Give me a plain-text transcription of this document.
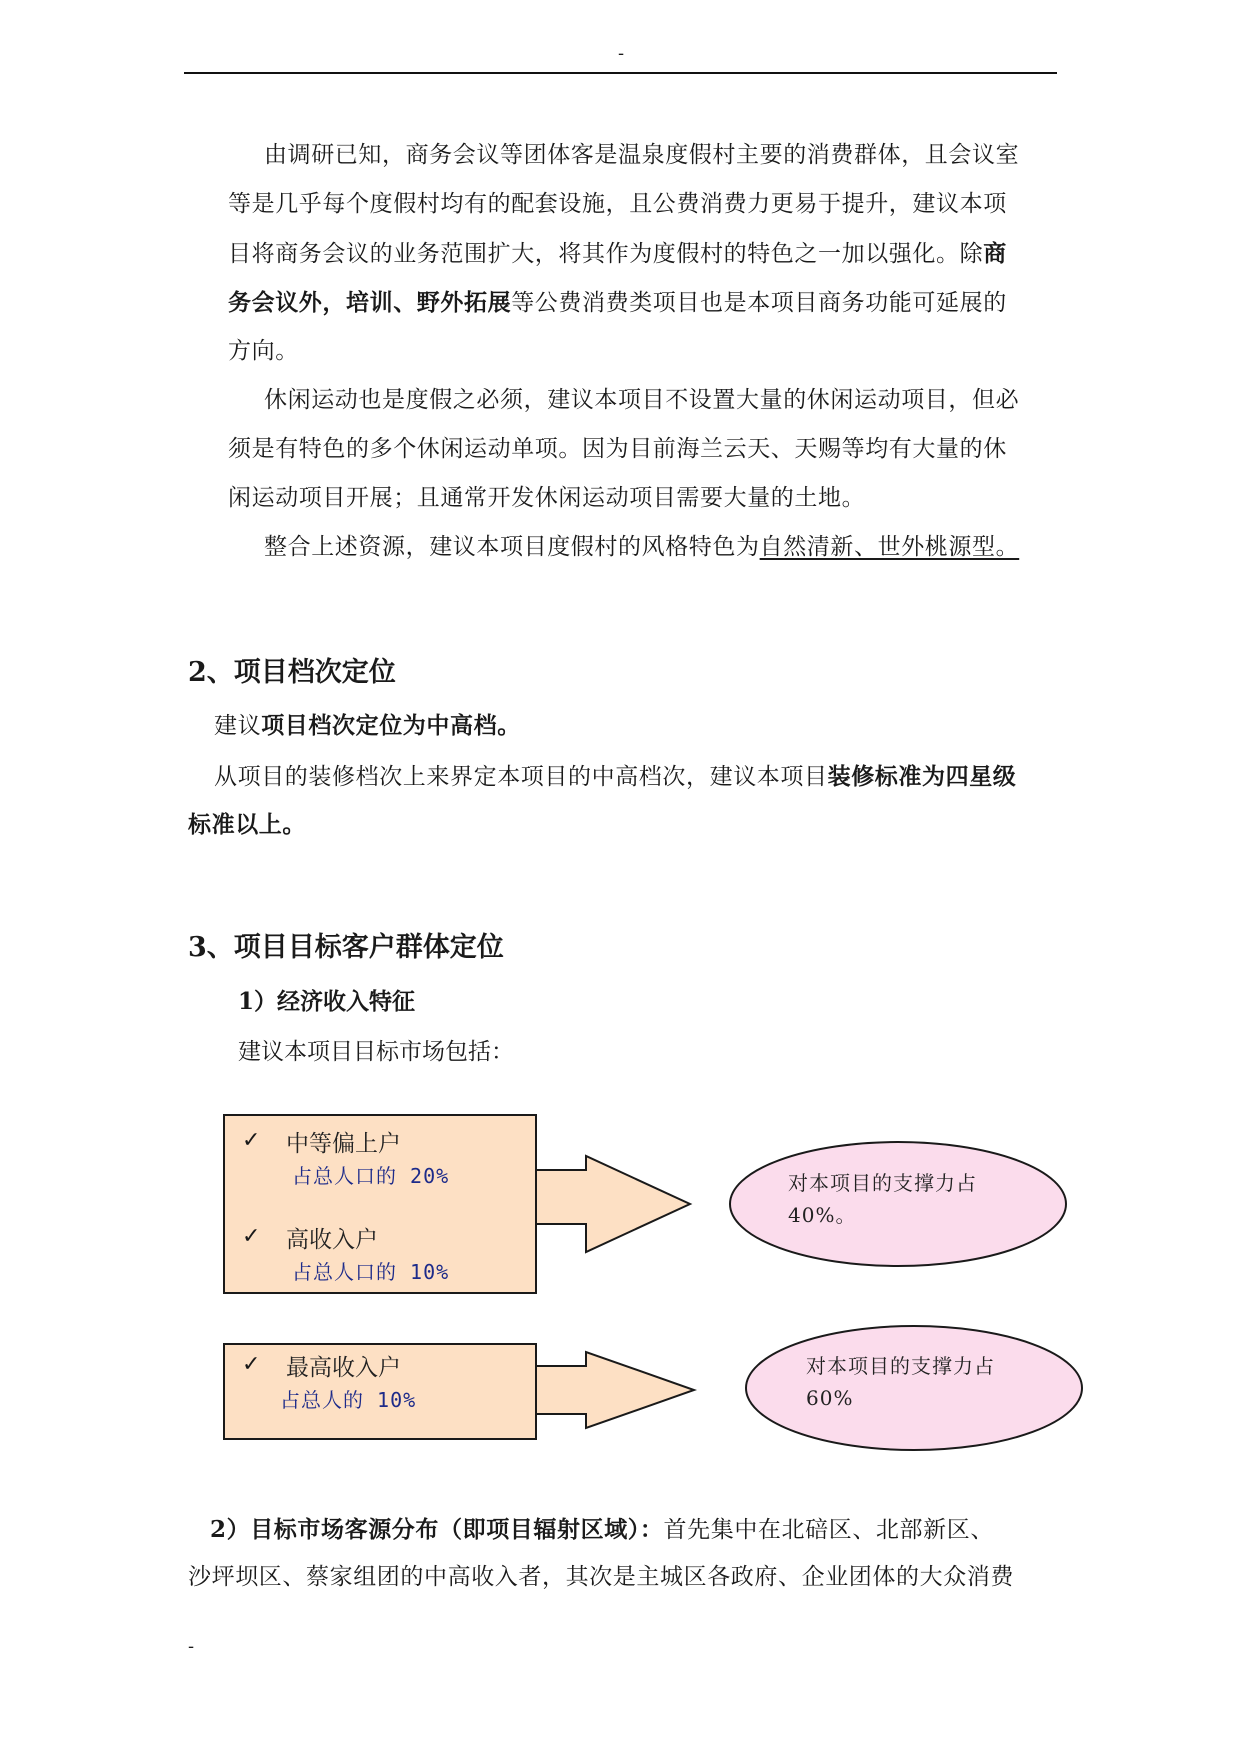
-
由调研已知，商务会议等团体客是温泉度假村主要的消费群体，且会议室
等是几乎每个度假村均有的配套设施，且公费消费力更易于提升，建议本项
目将商务会议的业务范围扩大，将其作为度假村的特色之一加以强化。除商
务会议外，培训、野外拓展等公费消费类项目也是本项目商务功能可延展的
方向。
休闲运动也是度假之必须，建议本项目不设置大量的休闲运动项目，但必
须是有特色的多个休闲运动单项。因为目前海兰云天、天赐等均有大量的休
闲运动项目开展；且通常开发休闲运动项目需要大量的土地。
整合上述资源，建议本项目度假村的风格特色为自然清新、世外桃源型。
2、项目档次定位
建议项目档次定位为中高档。
从项目的装修档次上来界定本项目的中高档次，建议本项目装修标准为四星级
标准以上。
3、项目目标客户群体定位
1）经济收入特征
建议本项目目标市场包括：
✓ 中等偏上户
占总人口的 20%
✓ 高收入户
占总人口的 10%
对本项目的支撑力占
40%。
✓ 最高收入户
占总人的 10%
对本项目的支撑力占
60%
2）目标市场客源分布（即项目辐射区域）：首先集中在北碚区、北部新区、
沙坪坝区、蔡家组团的中高收入者，其次是主城区各政府、企业团体的大众消费
-
